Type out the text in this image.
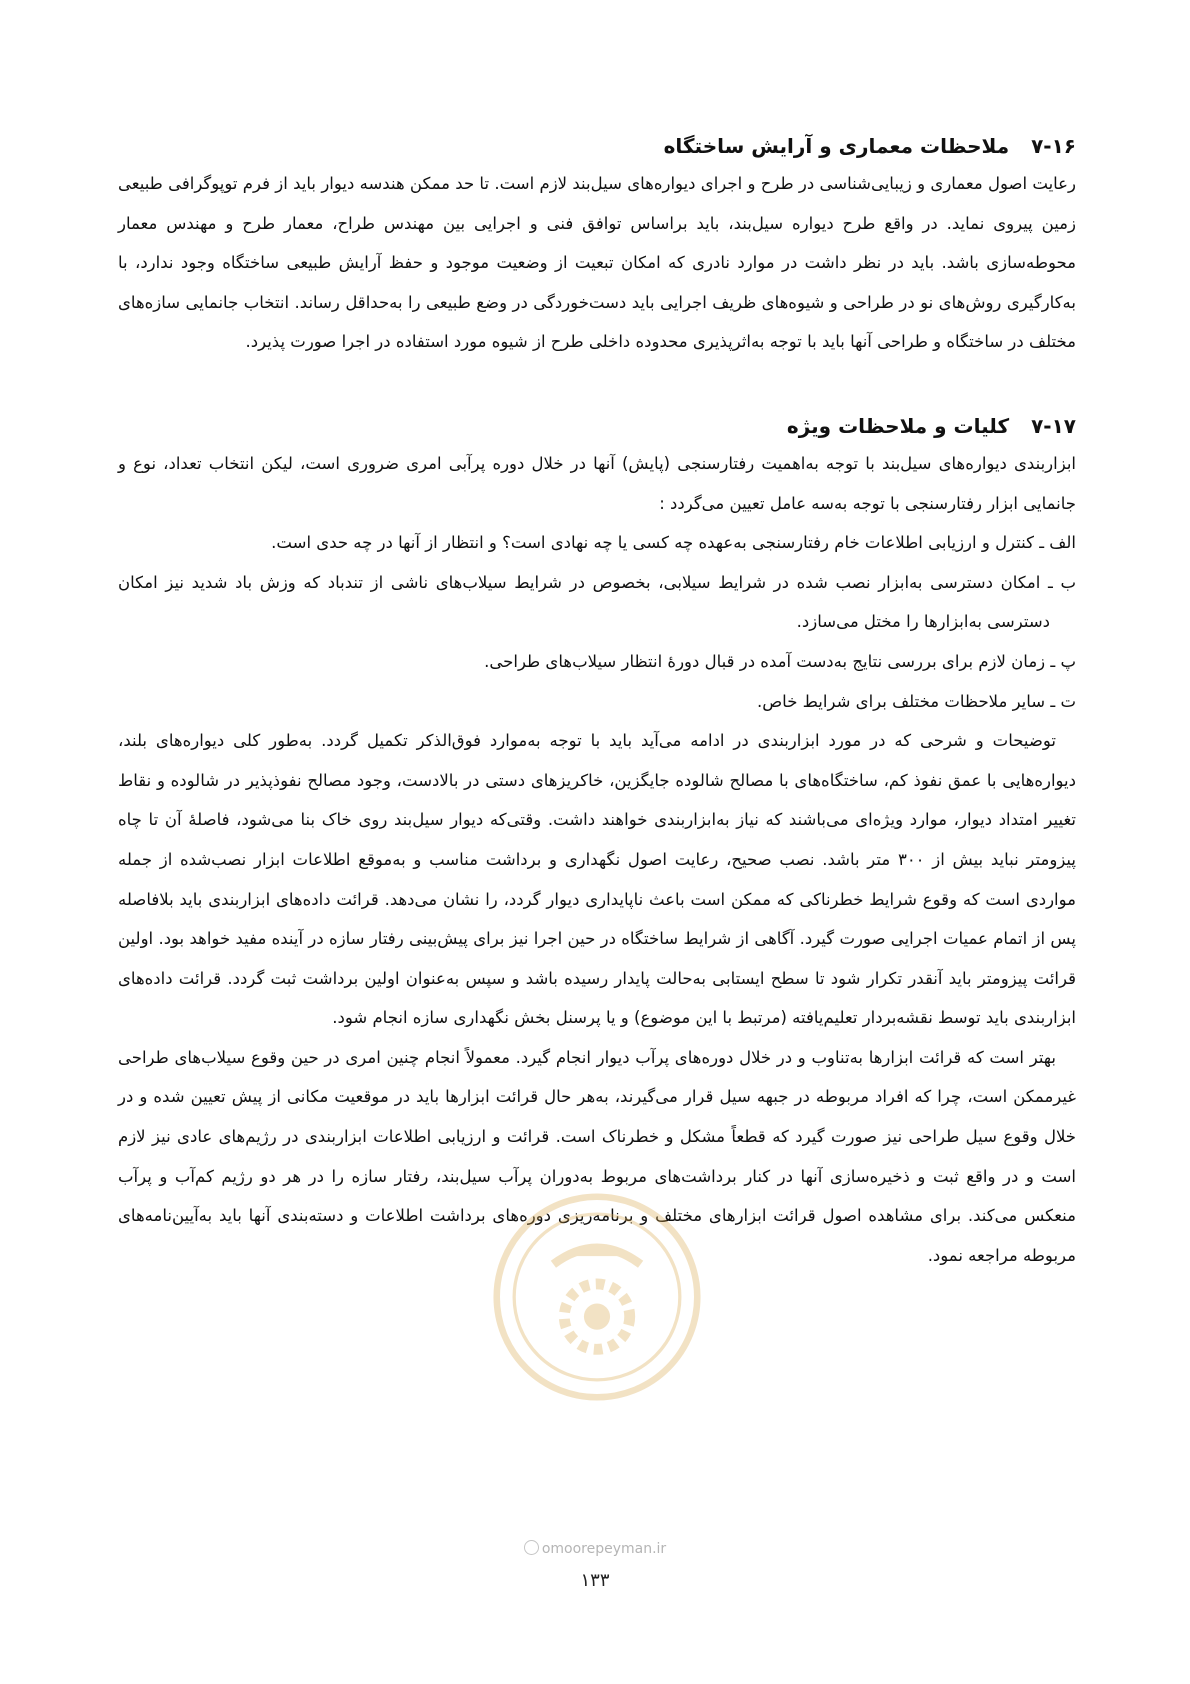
۷-۱۶ملاحظات معماری و آرایش ساختگاه

رعایت اصول معماری و زیبایی‌شناسی در طرح و اجرای دیواره‌های سیل‌بند لازم است. تا حد ممکن هندسه دیوار باید از فرم توپوگرافی طبیعی زمین پیروی نماید. در واقع طرح دیواره سیل‌بند، باید براساس توافق فنی و اجرایی بین مهندس طراح، معمار طرح و مهندس معمار محوطه‌سازی باشد. باید در نظر داشت در موارد نادری که امکان تبعیت از وضعیت موجود و حفظ آرایش طبیعی ساختگاه وجود ندارد، با به‌کارگیری روش‌های نو در طراحی و شیوه‌های ظریف اجرایی باید دست‌خوردگی در وضع طبیعی را به‌حداقل رساند. انتخاب جانمایی سازه‌های مختلف در ساختگاه و طراحی آنها باید با توجه به‌اثرپذیری محدوده داخلی طرح از شیوه مورد استفاده در اجرا صورت پذیرد.

۷-۱۷کلیات و ملاحظات ویژه

ابزاربندی دیواره‌های سیل‌بند با توجه به‌اهمیت رفتارسنجی (پایش) آنها در خلال دوره پرآبی امری ضروری است، لیکن انتخاب تعداد، نوع و جانمایی ابزار رفتارسنجی با توجه به‌سه عامل تعیین می‌گردد :

الف ـ کنترل و ارزیابی اطلاعات خام رفتارسنجی به‌عهده چه کسی یا چه نهادی است؟ و انتظار از آنها در چه حدی است.
ب ـ امکان دسترسی به‌ابزار نصب شده در شرایط سیلابی، بخصوص در شرایط سیلاب‌های ناشی از تندباد که وزش باد شدید نیز امکان دسترسی به‌ابزارها را مختل می‌سازد.
پ ـ زمان لازم برای بررسی نتایج به‌دست آمده در قبال دورهٔ انتظار سیلاب‌های طراحی.
ت ـ سایر ملاحظات مختلف برای شرایط خاص.

توضیحات و شرحی که در مورد ابزاربندی در ادامه می‌آید باید با توجه به‌موارد فوق‌الذکر تکمیل گردد. به‌طور کلی دیواره‌های بلند، دیواره‌هایی با عمق نفوذ کم، ساختگاه‌های با مصالح شالوده جایگزین، خاکریزهای دستی در بالادست، وجود مصالح نفوذپذیر در شالوده و نقاط تغییر امتداد دیوار، موارد ویژه‌ای می‌باشند که نیاز به‌ابزاربندی خواهند داشت. وقتی‌که دیوار سیل‌بند روی خاک بنا می‌شود، فاصلهٔ آن تا چاه پیزومتر نباید بیش از ۳۰۰ متر باشد. نصب صحیح، رعایت اصول نگهداری و برداشت مناسب و به‌موقع اطلاعات ابزار نصب‌شده از جمله مواردی است که وقوع شرایط خطرناکی که ممکن است باعث ناپایداری دیوار گردد، را نشان می‌دهد. قرائت داده‌های ابزاربندی باید بلافاصله پس از اتمام عمیات اجرایی صورت گیرد. آگاهی از شرایط ساختگاه در حین اجرا نیز برای پیش‌بینی رفتار سازه در آینده مفید خواهد بود. اولین قرائت پیزومتر باید آنقدر تکرار شود تا سطح ایستابی به‌حالت پایدار رسیده باشد و سپس به‌عنوان اولین برداشت ثبت گردد. قرائت داده‌های ابزاربندی باید توسط نقشه‌بردار تعلیم‌یافته (مرتبط با این موضوع) و یا پرسنل بخش نگهداری سازه انجام شود.

بهتر است که قرائت ابزارها به‌تناوب و در خلال دوره‌های پرآب دیوار انجام گیرد. معمولاً انجام چنین امری در حین وقوع سیلاب‌های طراحی غیرممکن است، چرا که افراد مربوطه در جبهه سیل قرار می‌گیرند، به‌هر حال قرائت ابزارها باید در موقعیت مکانی از پیش تعیین شده و در خلال وقوع سیل طراحی نیز صورت گیرد که قطعاً مشکل و خطرناک است. قرائت و ارزیابی اطلاعات ابزاربندی در رژیم‌های عادی نیز لازم است و در واقع ثبت و ذخیره‌سازی آنها در کنار برداشت‌های مربوط به‌دوران پرآب سیل‌بند، رفتار سازه را در هر دو رژیم کم‌آب و پرآب منعکس می‌کند. برای مشاهده اصول قرائت ابزارهای مختلف و برنامه‌ریزی دوره‌های برداشت اطلاعات و دسته‌بندی آنها باید به‌آیین‌نامه‌های مربوطه مراجعه نمود.

omoorepeyman.ir
۱۳۳
